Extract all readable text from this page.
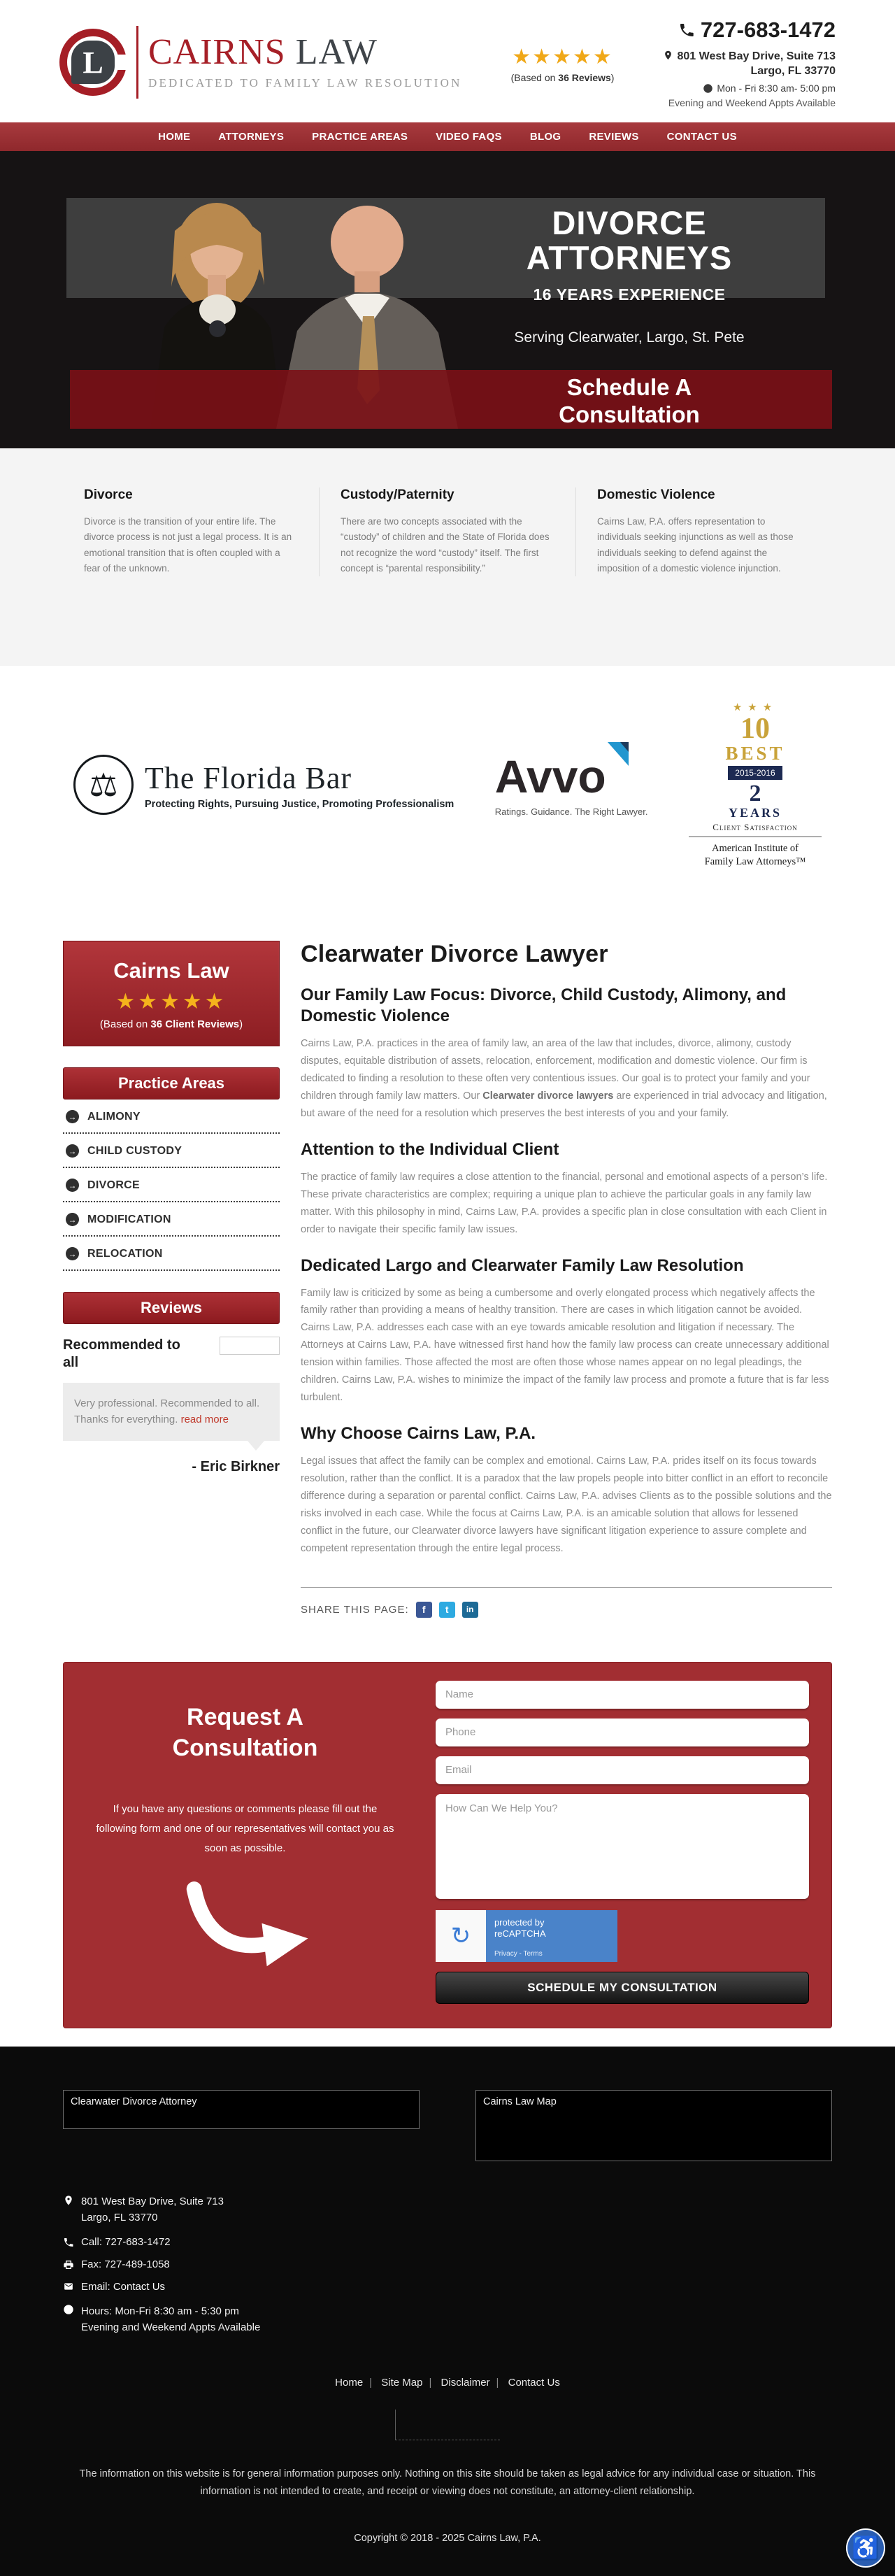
L CAIRNS LAW
DEDICATED TO FAMILY LAW RESOLUTION
★★★★★
(Based on 36 Reviews)
727-683-1472
801 West Bay Drive, Suite 713
Largo, FL 33770
Mon - Fri 8:30 am- 5:00 pm
Evening and Weekend Appts Available
HOME	ATTORNEYS	PRACTICE AREAS	VIDEO FAQS	BLOG	REVIEWS	CONTACT US
DIVORCE
ATTORNEYS
16 YEARS EXPERIENCE
Serving Clearwater, Largo, St. Pete
Schedule A Consultation
Divorce

Divorce is the transition of your entire life. The divorce process is not just a legal process. It is an emotional transition that is often coupled with a fear of the unknown.

Custody/Paternity

There are two concepts associated with the “custody” of children and the State of Florida does not recognize the word “custody” itself. The first concept is “parental responsibility.”

Domestic Violence

Cairns Law, P.A. offers representation to individuals seeking injunctions as well as those individuals seeking to defend against the imposition of a domestic violence injunction.

⚖ The Florida Bar
Protecting Rights, Pursuing Justice, Promoting Professionalism
Avvo
Ratings. Guidance. The Right Lawyer.
★★★
10
BEST
2015-2016
2
YEARS
Client Satisfaction
American Institute of
Family Law Attorneys™
Cairns Law
★★★★★
(Based on 36 Client Reviews)
Practice Areas
→ ALIMONY
→ CHILD CUSTODY
→ DIVORCE
→ MODIFICATION
→ RELOCATION
Reviews
Recommended to all
Very professional. Recommended to all. Thanks for everything. read more
- Eric Birkner
Clearwater Divorce Lawyer
Our Family Law Focus: Divorce, Child Custody, Alimony, and Domestic Violence

Cairns Law, P.A. practices in the area of family law, an area of the law that includes, divorce, alimony, custody disputes, equitable distribution of assets, relocation, enforcement, modification and domestic violence. Our firm is dedicated to finding a resolution to these often very contentious issues. Our goal is to protect your family and your children through family law matters. Our Clearwater divorce lawyers are experienced in trial advocacy and litigation, but aware of the need for a resolution which preserves the best interests of you and your family.

Attention to the Individual Client

The practice of family law requires a close attention to the financial, personal and emotional aspects of a person’s life. These private characteristics are complex; requiring a unique plan to achieve the particular goals in any family law matter. With this philosophy in mind, Cairns Law, P.A. provides a specific plan in close consultation with each Client in order to navigate their specific family law issues.

Dedicated Largo and Clearwater Family Law Resolution

Family law is criticized by some as being a cumbersome and overly elongated process which negatively affects the family rather than providing a means of healthy transition. There are cases in which litigation cannot be avoided. Cairns Law, P.A. addresses each case with an eye towards amicable resolution and litigation if necessary. The Attorneys at Cairns Law, P.A. have witnessed first hand how the family law process can create unnecessary additional tension within families. Those affected the most are often those whose names appear on no legal pleadings, the children. Cairns Law, P.A. wishes to minimize the impact of the family law process and promote a future that is far less turbulent.

Why Choose Cairns Law, P.A.

Legal issues that affect the family can be complex and emotional. Cairns Law, P.A. prides itself on its focus towards resolution, rather than the conflict. It is a paradox that the law propels people into bitter conflict in an effort to reconcile difference during a separation or parental conflict. Cairns Law, P.A. advises Clients as to the possible solutions and the risks involved in each case. While the focus at Cairns Law, P.A. is an amicable solution that allows for lessened conflict in the future, our Clearwater divorce lawyers have significant litigation experience to assure complete and competent representation through the entire legal process.

SHARE THIS PAGE:	f	t	in
Request A Consultation
If you have any questions or comments please fill out the following form and one of our representatives will contact you as soon as possible.
Name
Phone
Email
How Can We Help You?
↻
protected by
reCAPTCHA
Privacy - Terms
SCHEDULE MY CONSULTATION
Clearwater Divorce Attorney	Cairns Law Map
801 West Bay Drive, Suite 713
Largo, FL 33770
Call: 727-683-1472
Fax: 727-489-1058
Email: Contact Us
Hours: Mon-Fri 8:30 am - 5:30 pm
Evening and Weekend Appts Available
Home | Site Map | Disclaimer | Contact Us
The information on this website is for general information purposes only. Nothing on this site should be taken as legal advice for any individual case or situation. This information is not intended to create, and receipt or viewing does not constitute, an attorney-client relationship.
Copyright © 2018 - 2025 Cairns Law, P.A.	♿
